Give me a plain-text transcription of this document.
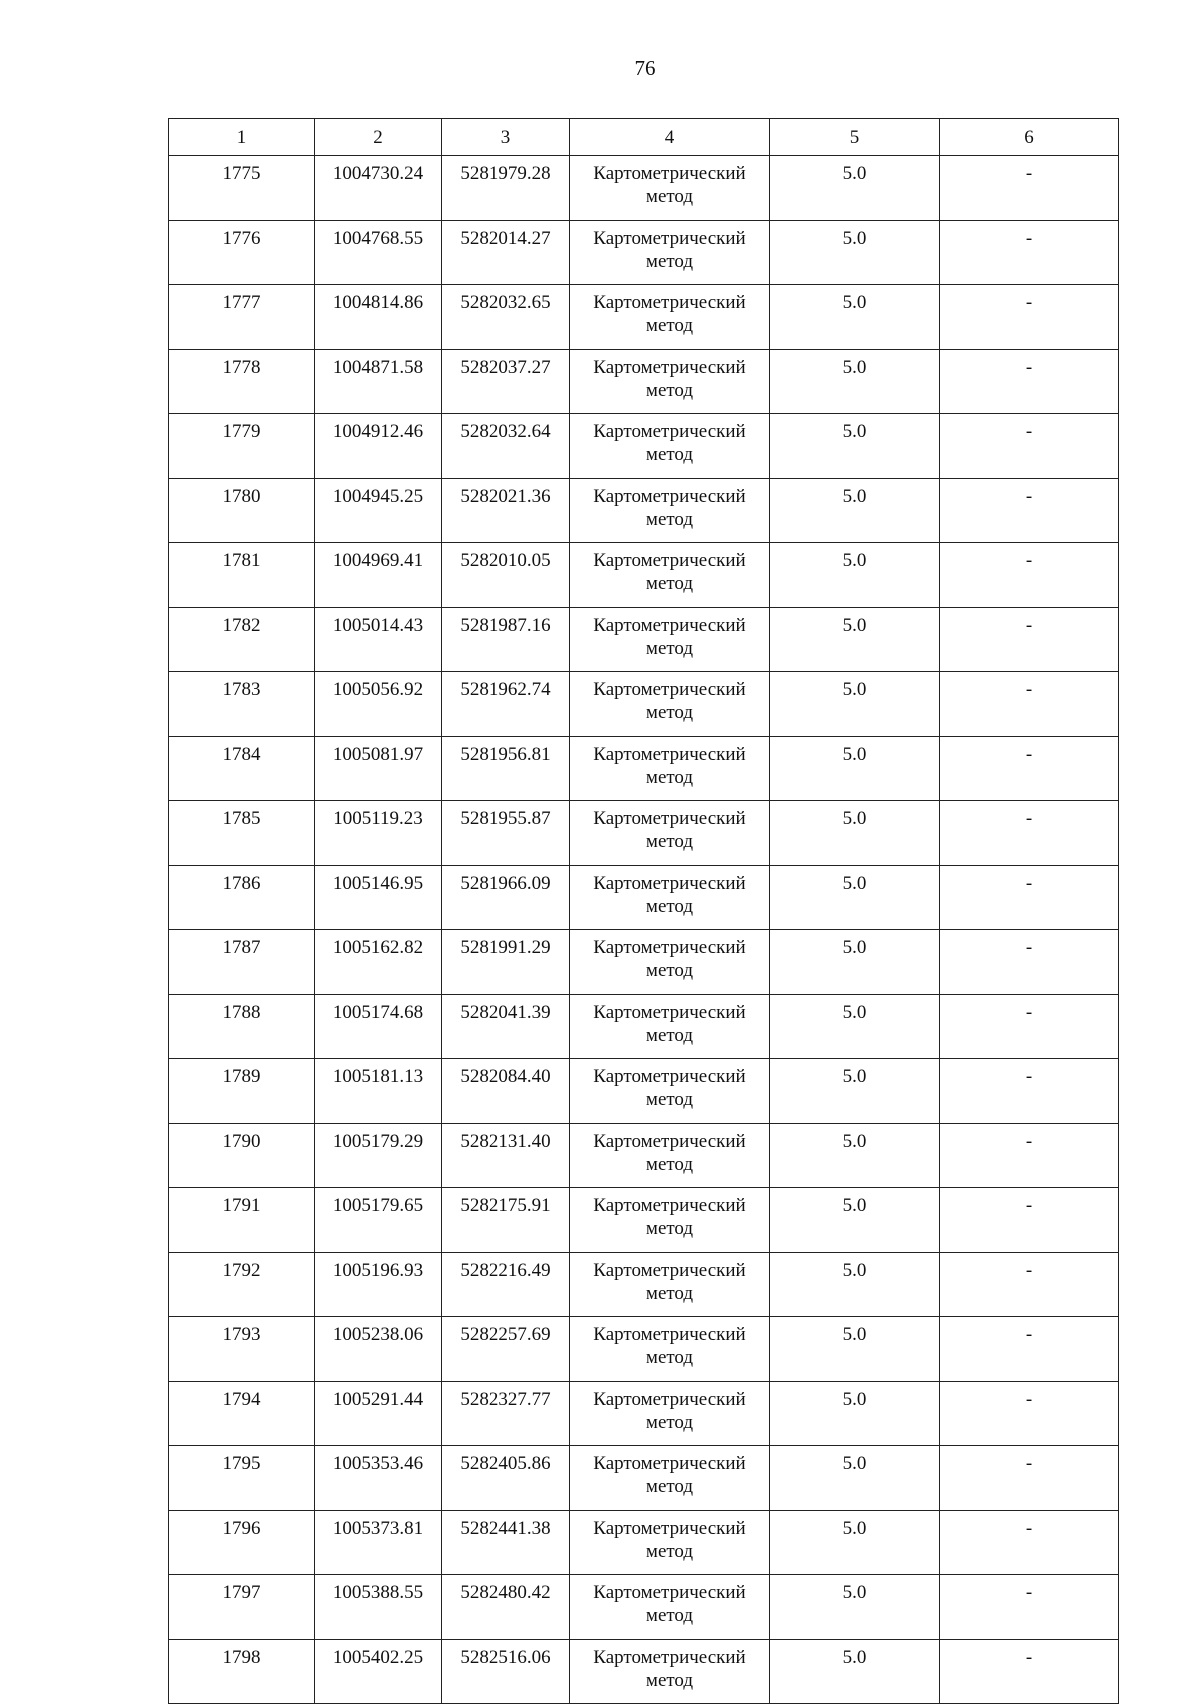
76
1	2	3	4	5	6
1775	1004730.24	5281979.28	Картометрический метод	5.0	-
1776	1004768.55	5282014.27	Картометрический метод	5.0	-
1777	1004814.86	5282032.65	Картометрический метод	5.0	-
1778	1004871.58	5282037.27	Картометрический метод	5.0	-
1779	1004912.46	5282032.64	Картометрический метод	5.0	-
1780	1004945.25	5282021.36	Картометрический метод	5.0	-
1781	1004969.41	5282010.05	Картометрический метод	5.0	-
1782	1005014.43	5281987.16	Картометрический метод	5.0	-
1783	1005056.92	5281962.74	Картометрический метод	5.0	-
1784	1005081.97	5281956.81	Картометрический метод	5.0	-
1785	1005119.23	5281955.87	Картометрический метод	5.0	-
1786	1005146.95	5281966.09	Картометрический метод	5.0	-
1787	1005162.82	5281991.29	Картометрический метод	5.0	-
1788	1005174.68	5282041.39	Картометрический метод	5.0	-
1789	1005181.13	5282084.40	Картометрический метод	5.0	-
1790	1005179.29	5282131.40	Картометрический метод	5.0	-
1791	1005179.65	5282175.91	Картометрический метод	5.0	-
1792	1005196.93	5282216.49	Картометрический метод	5.0	-
1793	1005238.06	5282257.69	Картометрический метод	5.0	-
1794	1005291.44	5282327.77	Картометрический метод	5.0	-
1795	1005353.46	5282405.86	Картометрический метод	5.0	-
1796	1005373.81	5282441.38	Картометрический метод	5.0	-
1797	1005388.55	5282480.42	Картометрический метод	5.0	-
1798	1005402.25	5282516.06	Картометрический метод	5.0	-
